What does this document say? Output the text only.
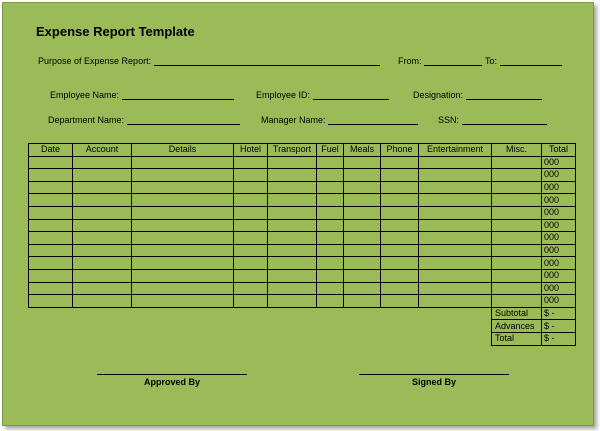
Expense Report Template
Purpose of Expense Report:	From:	To:
Employee Name:	Employee ID:	Designation:
Department Name:	Manager Name:	SSN:
Date	Account	Details	Hotel	Transport	Fuel	Meals	Phone	Entertainment	Misc.	Total
										000
										000
										000
										000
										000
										000
										000
										000
										000
										000
										000
										000
									Subtotal	$ -
									Advances	$ -
									Total	$ -
Approved By	Signed By
